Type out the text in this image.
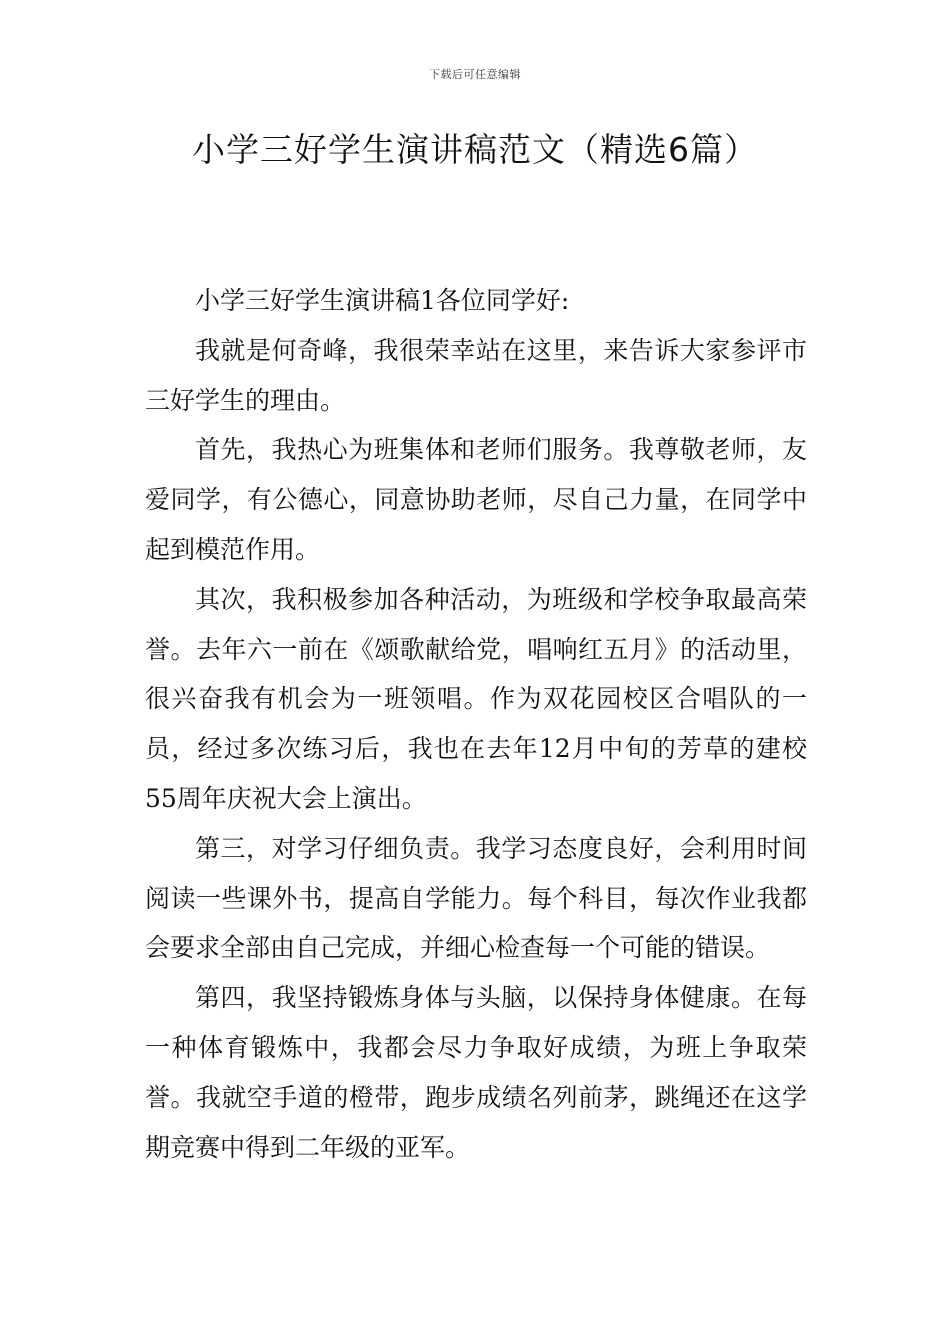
下载后可任意编辑
小学三好学生演讲稿范文（精选6篇）

小学三好学生演讲稿1各位同学好:

我就是何奇峰，我很荣幸站在这里，来告诉大家参评市三好学生的理由。

首先，我热心为班集体和老师们服务。我尊敬老师，友爱同学，有公德心，同意协助老师，尽自己力量，在同学中起到模范作用。

其次，我积极参加各种活动，为班级和学校争取最高荣誉。去年六一前在《颂歌献给党，唱响红五月》的活动里，很兴奋我有机会为一班领唱。作为双花园校区合唱队的一员，经过多次练习后，我也在去年12月中旬的芳草的建校55周年庆祝大会上演出。

第三，对学习仔细负责。我学习态度良好，会利用时间阅读一些课外书，提高自学能力。每个科目，每次作业我都会要求全部由自己完成，并细心检查每一个可能的错误。

第四，我坚持锻炼身体与头脑，以保持身体健康。在每一种体育锻炼中，我都会尽力争取好成绩，为班上争取荣誉。我就空手道的橙带，跑步成绩名列前茅，跳绳还在这学期竞赛中得到二年级的亚军。
